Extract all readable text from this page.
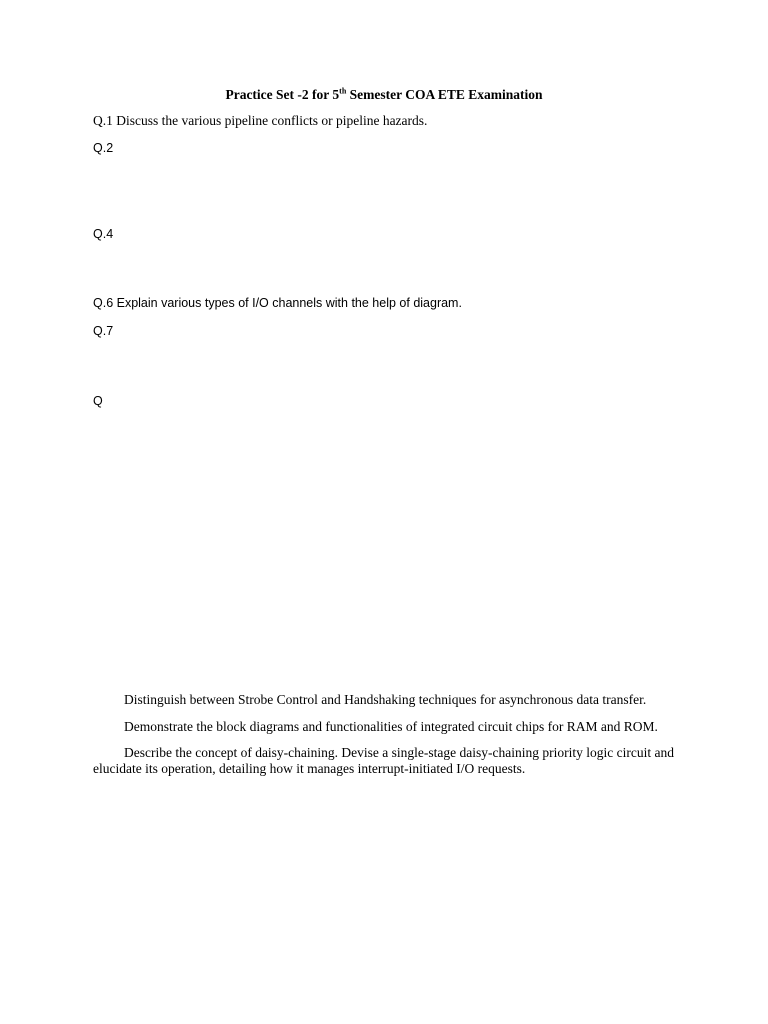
Practice Set -2 for 5th Semester COA ETE Examination
Q.1 Discuss the various pipeline conflicts or pipeline hazards.
Q.2
Q.4
Q.6 Explain various types of I/O channels with the help of diagram.
Q.7
Q
Distinguish between Strobe Control and Handshaking techniques for asynchronous data transfer.
Demonstrate the block diagrams and functionalities of integrated circuit chips for RAM and ROM.
Describe the concept of daisy-chaining. Devise a single-stage daisy-chaining priority logic circuit and elucidate its operation, detailing how it manages interrupt-initiated I/O requests.
